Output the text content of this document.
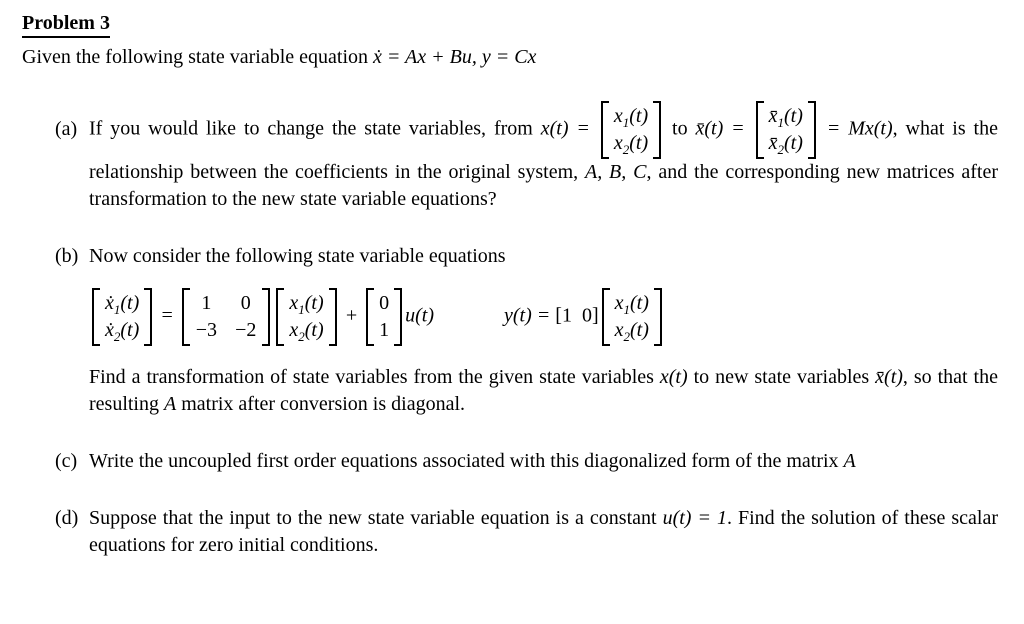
Problem 3

Given the following state variable equation ẋ = Ax + Bu, y = Cx

(a) If you would like to change the state variables, from x(t) =
$x_1(t)$
$x_2(t)$
to x̄(t) =
$x̄_1(t)$
$x̄_2(t)$
= Mx(t), what is the relationship between the coefficients in the original system, A, B, C, and the corresponding new matrices after transformation to the new state variable equations?
(b) Now consider the following state variable equations
$ẋ_1(t)$
$ẋ_2(t)$
=
1 0
−3 −2
$x_1(t)$
$x_2(t)$
+
0
1
u(t)	y(t) = [1 0]
$x_1(t)$
$x_2(t)$
Find a transformation of state variables from the given state variables x(t) to new state variables x̄(t), so that the resulting A matrix after conversion is diagonal.
(c) Write the uncoupled first order equations associated with this diagonalized form of the matrix A
(d) Suppose that the input to the new state variable equation is a constant u(t) = 1. Find the solution of these scalar equations for zero initial conditions.
